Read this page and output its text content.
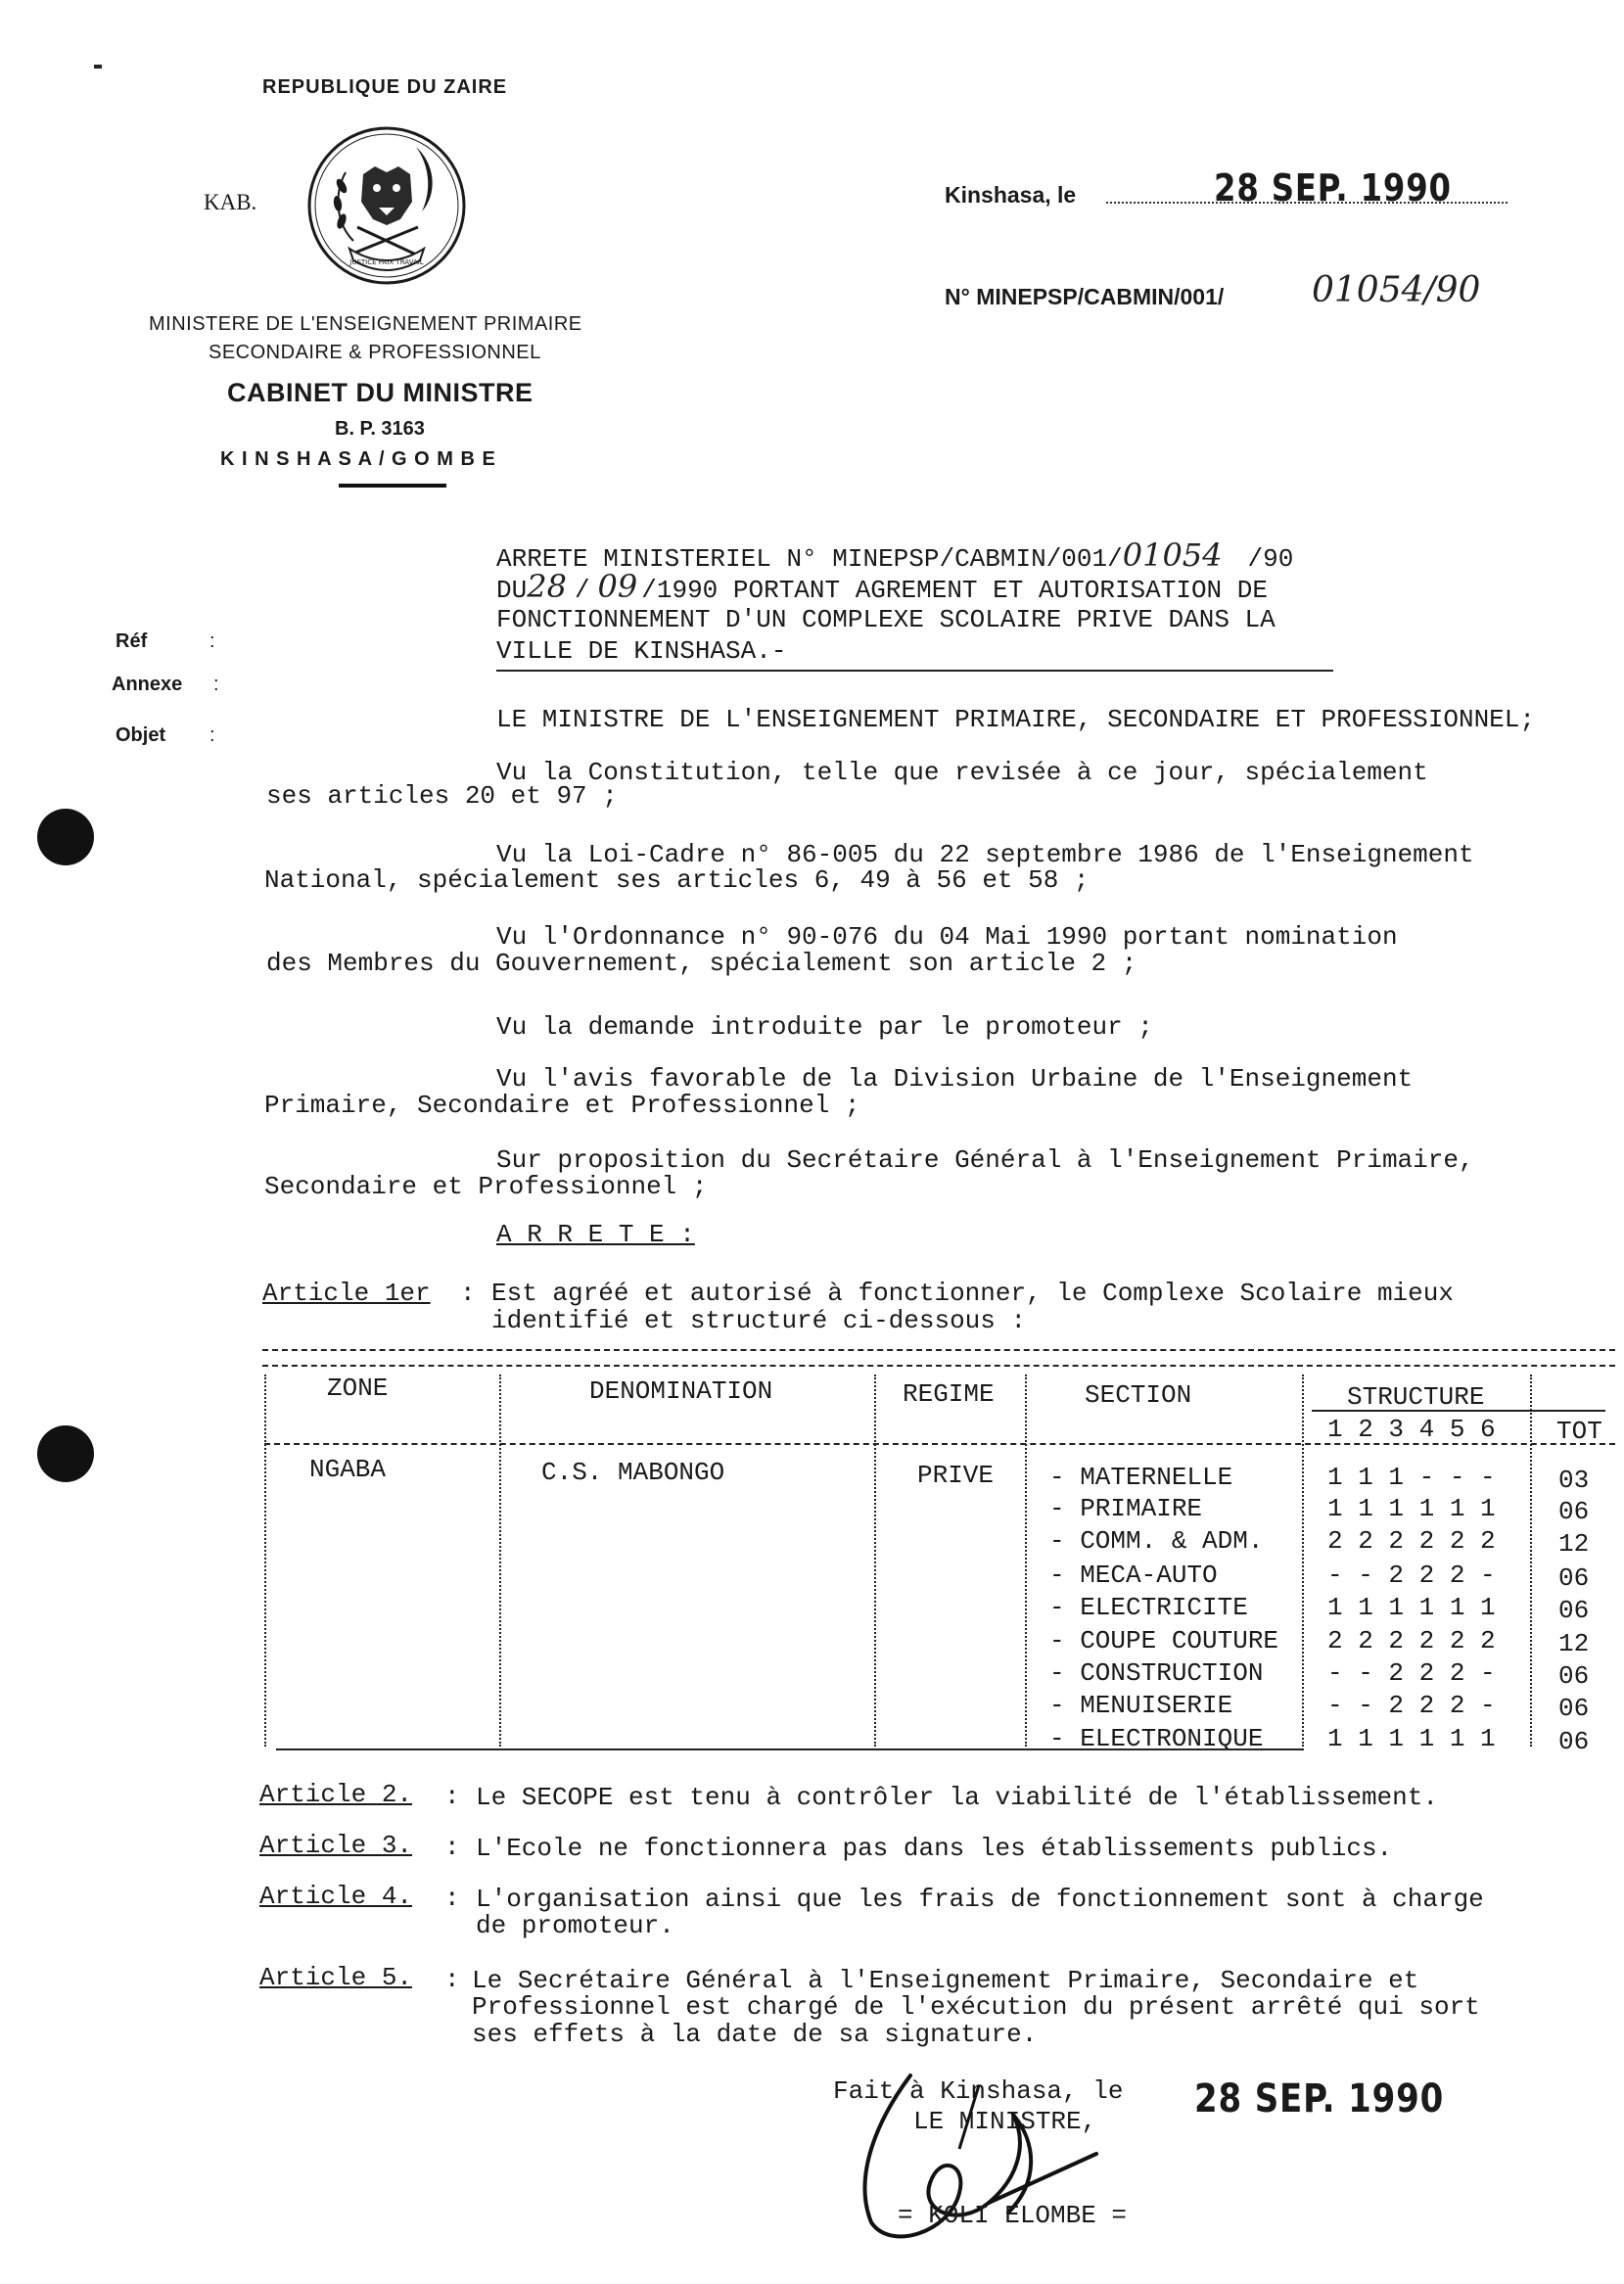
REPUBLIQUE DU ZAIRE
KAB.
JUSTICE PAIX TRAVAIL
MINISTERE DE L'ENSEIGNEMENT PRIMAIRE
SECONDAIRE & PROFESSIONNEL
CABINET DU MINISTRE
B. P. 3163
K I N S H A S A / G O M B E
Kinshasa, le	28 SEP. 1990
N° MINEPSP/CABMIN/001/ 01054/90
Réf	:
Annexe :
Objet :
ARRETE MINISTERIEL N° MINEPSP/CABMIN/001/01054 /90
DU28 / 09 /1990 PORTANT AGREMENT ET AUTORISATION DE
FONCTIONNEMENT D'UN COMPLEXE SCOLAIRE PRIVE DANS LA
VILLE DE KINSHASA.-
LE MINISTRE DE L'ENSEIGNEMENT PRIMAIRE, SECONDAIRE ET PROFESSIONNEL;
Vu la Constitution, telle que revisée à ce jour, spécialement
ses articles 20 et 97 ;
Vu la Loi-Cadre n° 86-005 du 22 septembre 1986 de l'Enseignement
National, spécialement ses articles 6, 49 à 56 et 58 ;
Vu l'Ordonnance n° 90-076 du 04 Mai 1990 portant nomination
des Membres du Gouvernement, spécialement son article 2 ;
Vu la demande introduite par le promoteur ;
Vu l'avis favorable de la Division Urbaine de l'Enseignement
Primaire, Secondaire et Professionnel ;
Sur proposition du Secrétaire Général à l'Enseignement Primaire,
Secondaire et Professionnel ;
A R R E T E :
Article 1er : Est agréé et autorisé à fonctionner, le Complexe Scolaire mieux
identifié et structuré ci-dessous :
ZONE	DENOMINATION	REGIME	SECTION	STRUCTURE
1 2 3 4 5 6 TOT
NGABA	C.S. MABONGO	PRIVE - MATERNELLE	1 1 1 - - - 03
- PRIMAIRE	1 1 1 1 1 1 06
- COMM. & ADM.	2 2 2 2 2 2 12
- MECA-AUTO	- - 2 2 2 - 06
- ELECTRICITE	1 1 1 1 1 1 06
- COUPE COUTURE 2 2 2 2 2 2 12
- CONSTRUCTION	- - 2 2 2 - 06
- MENUISERIE	- - 2 2 2 - 06
- ELECTRONIQUE	1 1 1 1 1 1 06
Article 2. : Le SECOPE est tenu à contrôler la viabilité de l'établissement.
Article 3. : L'Ecole ne fonctionnera pas dans les établissements publics.
Article 4. : L'organisation ainsi que les frais de fonctionnement sont à charge
de promoteur.
Article 5. : Le Secrétaire Général à l'Enseignement Primaire, Secondaire et
Professionnel est chargé de l'exécution du présent arrêté qui sort
ses effets à la date de sa signature.
Fait à Kinshasa, le 28 SEP. 1990
LE MINISTRE,
= KOLI ELOMBE =
